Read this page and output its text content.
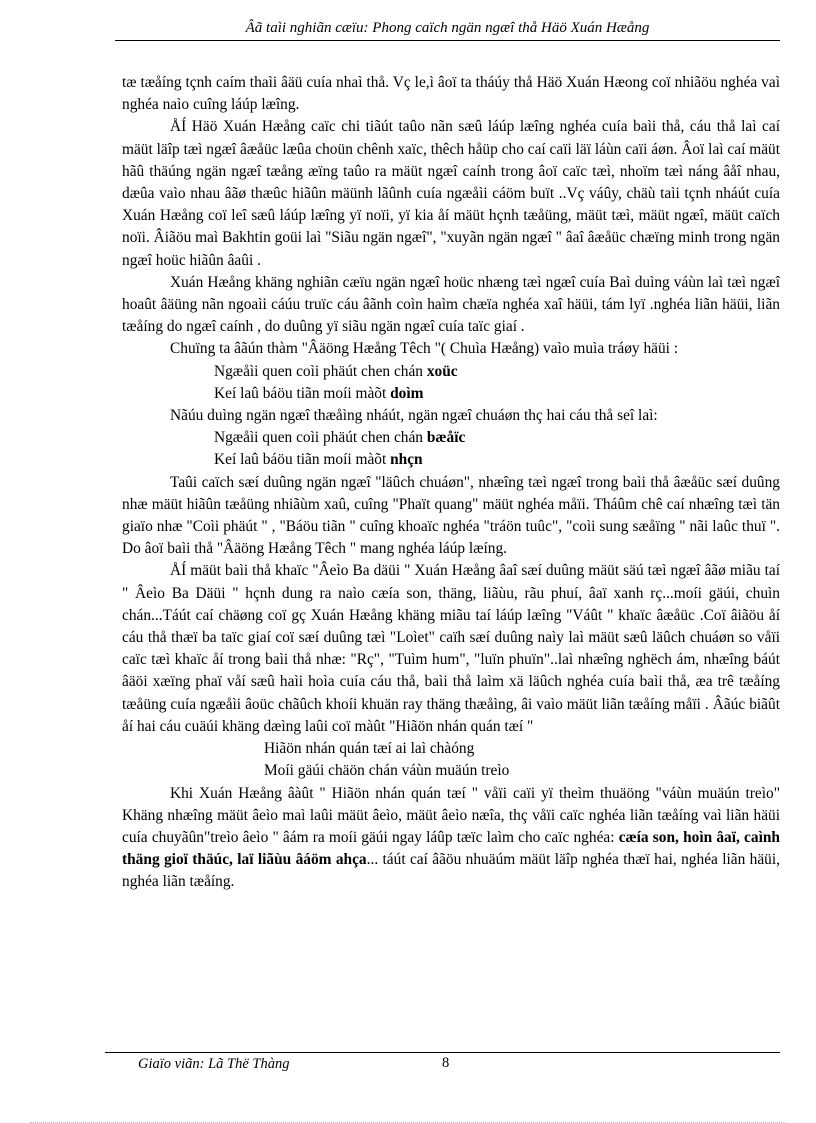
Âã taìi nghiãn cæïu: Phong caïch ngän ngæî thå Häö Xuán Hæång

tæ tæåíng tçnh caím thaìi âäü cuía nhaì thå. Vç le,ì âoï ta tháúy thå Häö Xuán Hæong coï nhiãöu nghéa vaì nghéa naìo cuîng láúp læîng.

ÅÍ Häö Xuán Hæång caïc chi tiãút taûo nãn sæû láúp læîng nghéa cuía baìi thå, cáu thå laì caí mäüt läîp tæì ngæî âæåüc læûa choün chênh xaïc, thêch håüp cho caí caïi läï láùn caïi áøn. Âoï laì caí mäüt hãû thäúng ngän ngæî tæång æïng taûo ra mäüt ngæî caính trong âoï caïc tæì, nhoïm tæì náng âåî nhau, dæûa vaìo nhau âãø thæûc hiãûn mäünh lãûnh cuía ngæåìi cáöm buït ..Vç váûy, chäù taìi tçnh nháút cuía Xuán Hæång coï leî sæû láúp læîng yï noïi, yï kia åí mäüt hçnh tæåüng, mäüt tæì, mäüt ngæî, mäüt caïch noïi. Âiãöu maì Bakhtin goüi laì "Siãu ngän ngæî", "xuyãn ngän ngæî " âaî âæåüc chæïng minh trong ngän ngæî hoüc hiãûn âaûi .

Xuán Hæång khäng nghiãn cæïu ngän ngæî hoüc nhæng tæì ngæî cuía Baì duìng váùn laì tæì ngæî hoaût âäüng nãn ngoaìi cáúu truïc cáu âãnh coìn haìm chæïa nghéa xaî häüi, tám lyï .nghéa liãn häüi, liãn tæåíng do ngæî caính , do duûng yï siãu ngän ngæî cuía taïc giaí .

Chuïng ta âãún thàm "Âäöng Hæång Têch "( Chuìa Hæång) vaìo muìa tráøy häüi :

Ngæåìi quen coìi phäút chen chán xoüc

Keí laû báöu tiãn moíi màõt doìm

Nãúu duìng ngän ngæî thæåìng nháút, ngän ngæî chuáøn thç hai cáu thå seî laì:

Ngæåìi quen coìi phäút chen chán bæåïc

Keí laû báöu tiãn moíi màõt nhçn

Taûi caïch sæí duûng ngän ngæî "läûch chuáøn", nhæîng tæì ngæî trong baìi thå âæåüc sæí duûng nhæ mäüt hiãûn tæåüng nhiãùm xaû, cuîng "Phaït quang" mäüt nghéa måïi. Tháûm chê caí nhæîng tæì tän giaïo nhæ "Coìi phäút " , "Báöu tiãn " cuîng khoaïc nghéa "tráön tuûc", "coìi sung sæåïng " nãi laûc thuï ". Do âoï baìi thå "Âäöng Hæång Têch " mang nghéa láúp læíng.

ÅÍ mäüt baìi thå khaïc "Âeìo Ba däüi " Xuán Hæång âaî sæí duûng mäüt säú tæì ngæî âãø miãu taí " Âeìo Ba Däüi " hçnh dung ra naìo cæía son, thäng, liãùu, rãu phuí, âaï xanh rç...moíi gäúi, chuìn chán...Táút caí chäøng coï gç Xuán Hæång khäng miãu taí láúp læîng "Váût " khaïc âæåüc .Coï âiãöu åí cáu thå thæï ba taïc giaí coï sæí duûng tæì "Loìet" caïh sæí duûng naìy laì mäüt sæû läûch chuáøn so våïi caïc tæì khaïc åí trong baìi thå nhæ: "Rç", "Tuìm hum", "luïn phuïn"..laì nhæîng nghëch ám, nhæîng báút âäöi xæïng phaï våí sæû haìi hoìa cuía cáu thå, baìi thå laìm xä läûch nghéa cuía baìi thå, æa trê tæåíng tæåüng cuía ngæåìi âoüc chãûch khoíi khuän ray thäng thæåìng, âi vaìo mäüt liãn tæåíng måïi . Âãúc biãût åí hai cáu cuäúi khäng dæìng laûi coï màût "Hiãön nhán quán tæí "

Hiãön nhán quán tæí ai laì chàóng

Moíi gäúi chäön chán váùn muäún treìo

Khi Xuán Hæång âàût " Hiãön nhán quán tæí " våïi caïi yï theìm thuäöng "váùn muäún treìo" Khäng nhæîng mäüt âeìo maì laûi mäüt âeìo, mäüt âeìo næîa, thç våïi caïc nghéa liãn tæåíng vaì liãn häüi cuía chuyãûn"treìo âeìo " âám ra moíi gäúi ngay láûp tæïc laìm cho caïc nghéa: cæía son, hoìn âaï, caình thäng gioï thäúc, laï liãùu âáöm ahça... táút caí âãöu nhuäúm mäüt läîp nghéa thæï hai, nghéa liãn häüi, nghéa liãn tæåíng.

Giaïo viãn: Lã Thë Thàng	8
